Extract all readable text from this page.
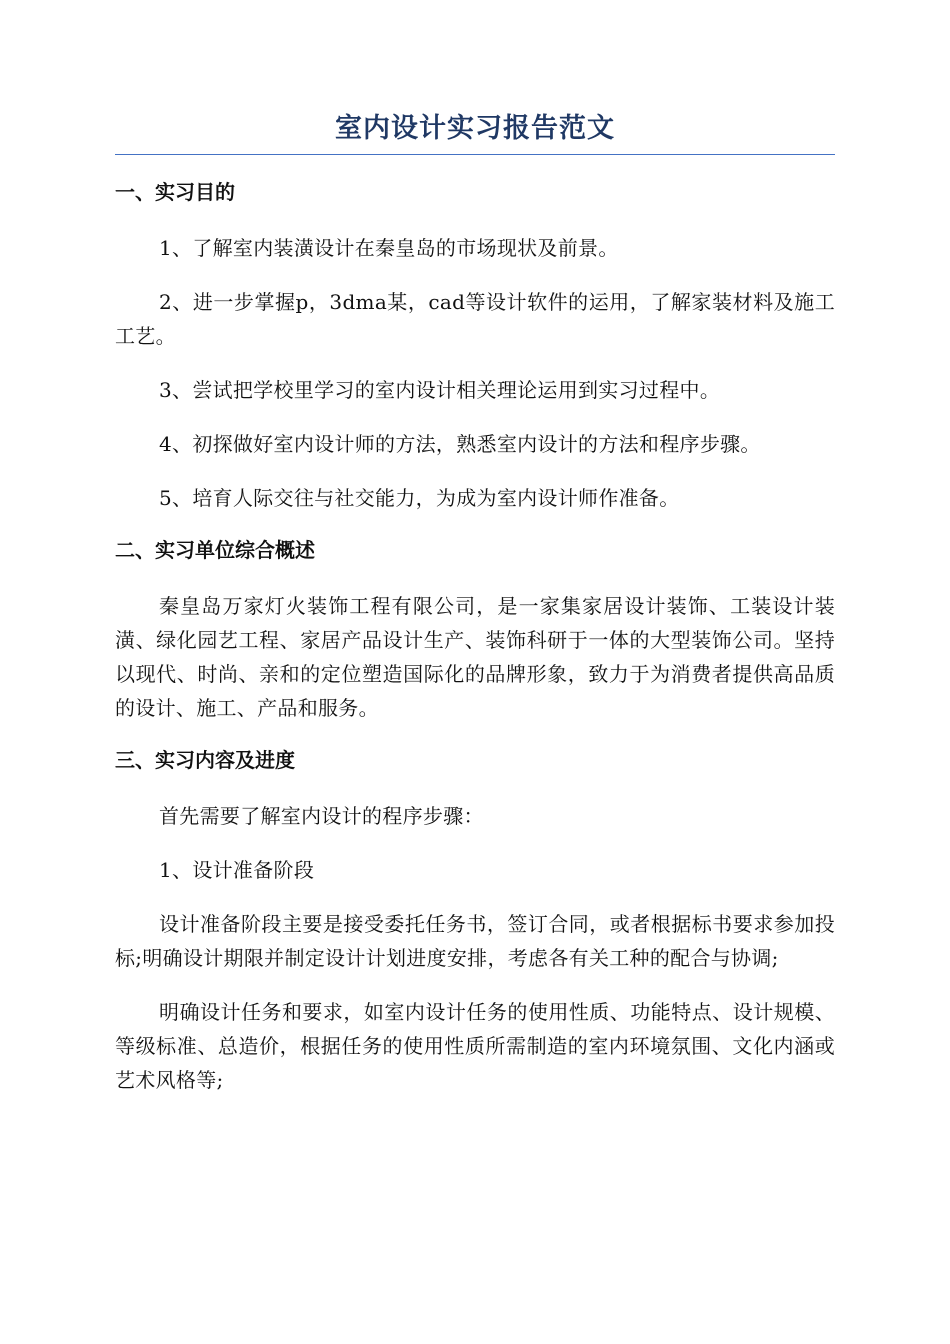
室内设计实习报告范文
一、实习目的

1、了解室内装潢设计在秦皇岛的市场现状及前景。

2、进一步掌握p，3dma某，cad等设计软件的运用，了解家装材料及施工工艺。

3、尝试把学校里学习的室内设计相关理论运用到实习过程中。

4、初探做好室内设计师的方法，熟悉室内设计的方法和程序步骤。

5、培育人际交往与社交能力，为成为室内设计师作准备。

二、实习单位综合概述

秦皇岛万家灯火装饰工程有限公司，是一家集家居设计装饰、工装设计装潢、绿化园艺工程、家居产品设计生产、装饰科研于一体的大型装饰公司。坚持以现代、时尚、亲和的定位塑造国际化的品牌形象，致力于为消费者提供高品质的设计、施工、产品和服务。

三、实习内容及进度

首先需要了解室内设计的程序步骤：

1、设计准备阶段

设计准备阶段主要是接受委托任务书，签订合同，或者根据标书要求参加投标;明确设计期限并制定设计计划进度安排，考虑各有关工种的配合与协调;

明确设计任务和要求，如室内设计任务的使用性质、功能特点、设计规模、等级标准、总造价，根据任务的使用性质所需制造的室内环境氛围、文化内涵或艺术风格等;
